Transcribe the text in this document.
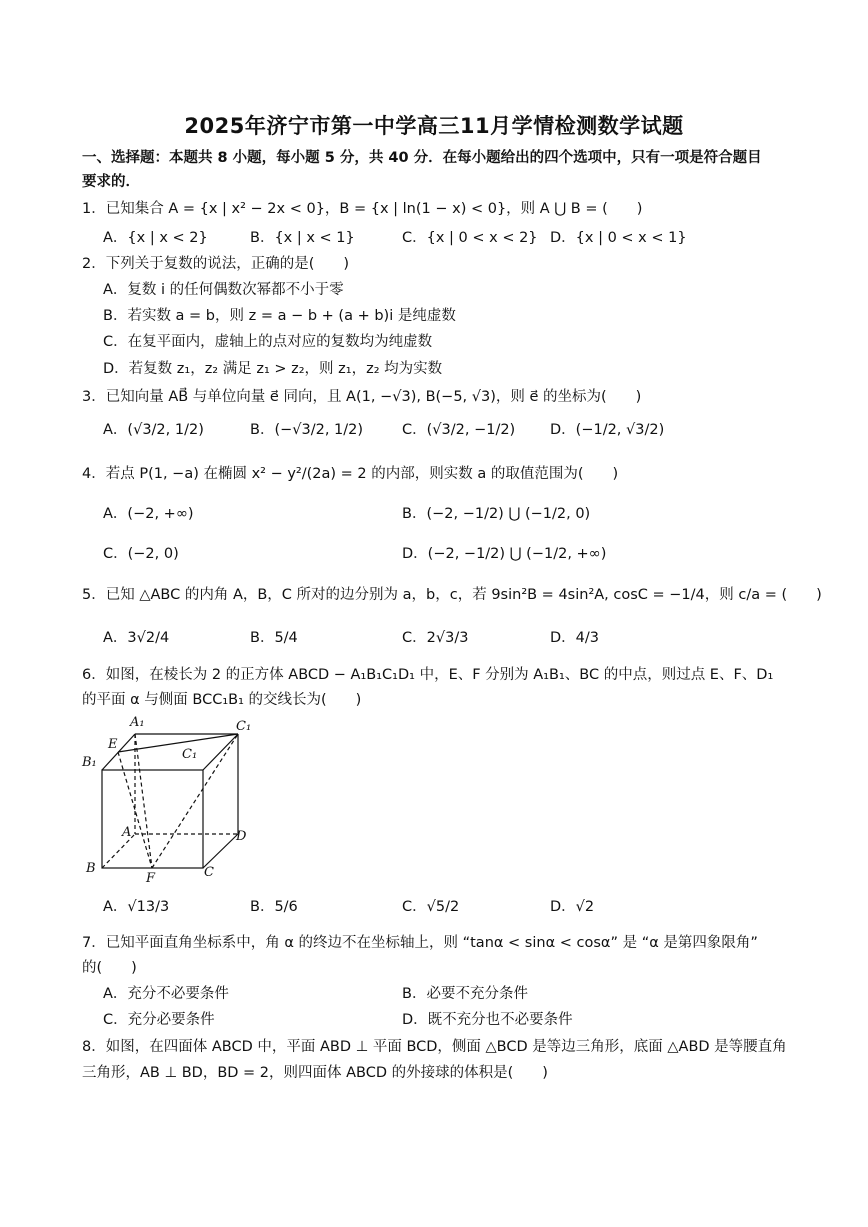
2025年济宁市第一中学高三11月学情检测数学试题
一、选择题：本题共 8 小题，每小题 5 分，共 40 分．在每小题给出的四个选项中，只有一项是符合题目
要求的．
1．已知集合 A = {x | x² − 2x < 0}，B = {x | ln(1 − x) < 0}，则 A ⋃ B = (　　)
A．{x | x < 2}	B．{x | x < 1}	C．{x | 0 < x < 2} D．{x | 0 < x < 1}
2．下列关于复数的说法，正确的是(　　)
A．复数 i 的任何偶数次幂都不小于零
B．若实数 a = b，则 z = a − b + (a + b)i 是纯虚数
C．在复平面内，虚轴上的点对应的复数均为纯虚数
D．若复数 z₁，z₂ 满足 z₁ > z₂，则 z₁，z₂ 均为实数
3．已知向量 AB⃗ 与单位向量 e⃗ 同向，且 A(1, −√3), B(−5, √3)，则 e⃗ 的坐标为(　　)
A．(√3/2, 1/2)	B．(−√3/2, 1/2)	C．(√3/2, −1/2) D．(−1/2, √3/2)
4．若点 P(1, −a) 在椭圆 x² − y²/(2a) = 2 的内部，则实数 a 的取值范围为(　　)
A．(−2, +∞)	B．(−2, −1/2) ⋃ (−1/2, 0)
C．(−2, 0)	D．(−2, −1/2) ⋃ (−1/2, +∞)
5．已知 △ABC 的内角 A，B，C 所对的边分别为 a，b，c，若 9sin²B = 4sin²A, cosC = −1/4，则 c/a = (　　)
A．3√2/4	B．5/4	C．2√3/3	D．4/3
6．如图，在棱长为 2 的正方体 ABCD − A₁B₁C₁D₁ 中，E、F 分别为 A₁B₁、BC 的中点，则过点 E、F、D₁
的平面 α 与侧面 BCC₁B₁ 的交线长为(　　)
A₁	C₁
E
C₁
B₁
A	D
B
F	C
A．√13/3	B．5/6	C．√5/2	D．√2
7．已知平面直角坐标系中，角 α 的终边不在坐标轴上，则 “tanα < sinα < cosα” 是 “α 是第四象限角”
的(　　)
A．充分不必要条件	B．必要不充分条件
C．充分必要条件	D．既不充分也不必要条件
8．如图，在四面体 ABCD 中，平面 ABD ⊥ 平面 BCD，侧面 △BCD 是等边三角形，底面 △ABD 是等腰直角
三角形，AB ⊥ BD，BD = 2，则四面体 ABCD 的外接球的体积是(　　)
